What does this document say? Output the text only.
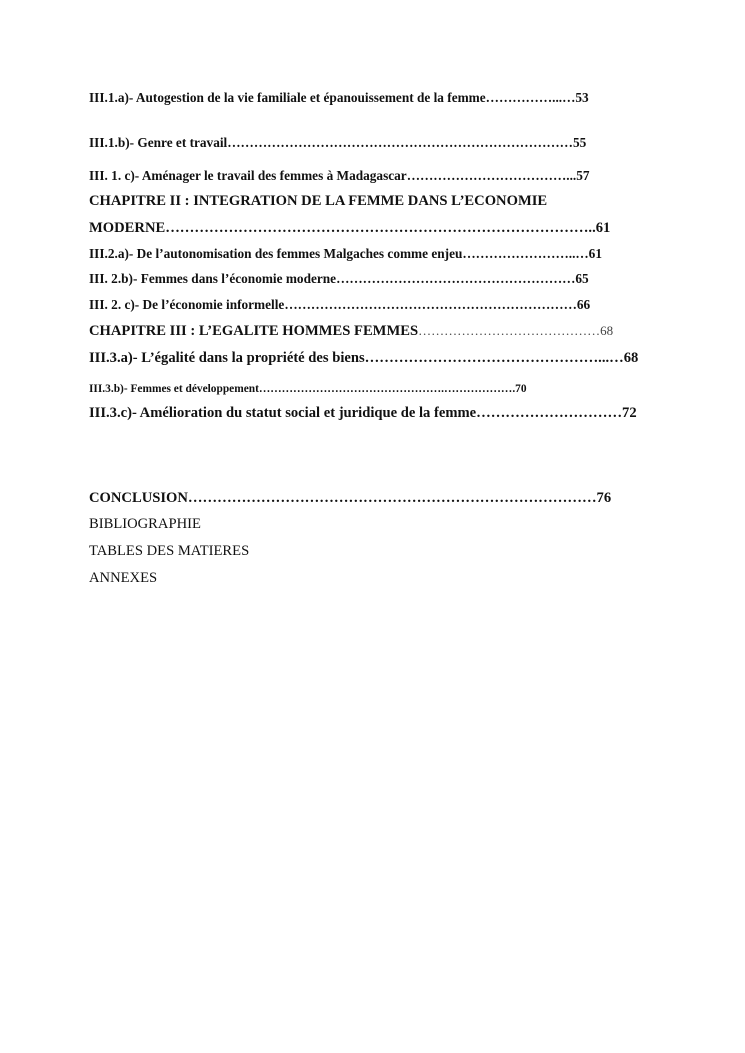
III.1.a)- Autogestion de la vie familiale et épanouissement de la femme……………...…53
III.1.b)- Genre et travail……………………………………………………………………55
III. 1. c)- Aménager le travail des femmes à Madagascar………………………………...57
CHAPITRE II : INTEGRATION DE LA FEMME DANS L’ECONOMIE
MODERNE……………………………………………………………………………..61
III.2.a)- De l’autonomisation des femmes Malgaches comme enjeu……………………..…61
III. 2.b)- Femmes dans l’économie moderne………………………………………………65
III. 2. c)- De l’économie informelle…………………………………………………………66
CHAPITRE III : L’EGALITE HOMMES FEMMES……………………………………68
III.3.a)- L’égalité dans la propriété des biens…………………………………………...…68
III.3.b)- Femmes et développement………………………………………….……………….70
III.3.c)- Amélioration du statut social et juridique de la femme…………………………72
CONCLUSION…………………………………………………………………………76
BIBLIOGRAPHIE
TABLES DES MATIERES
ANNEXES
